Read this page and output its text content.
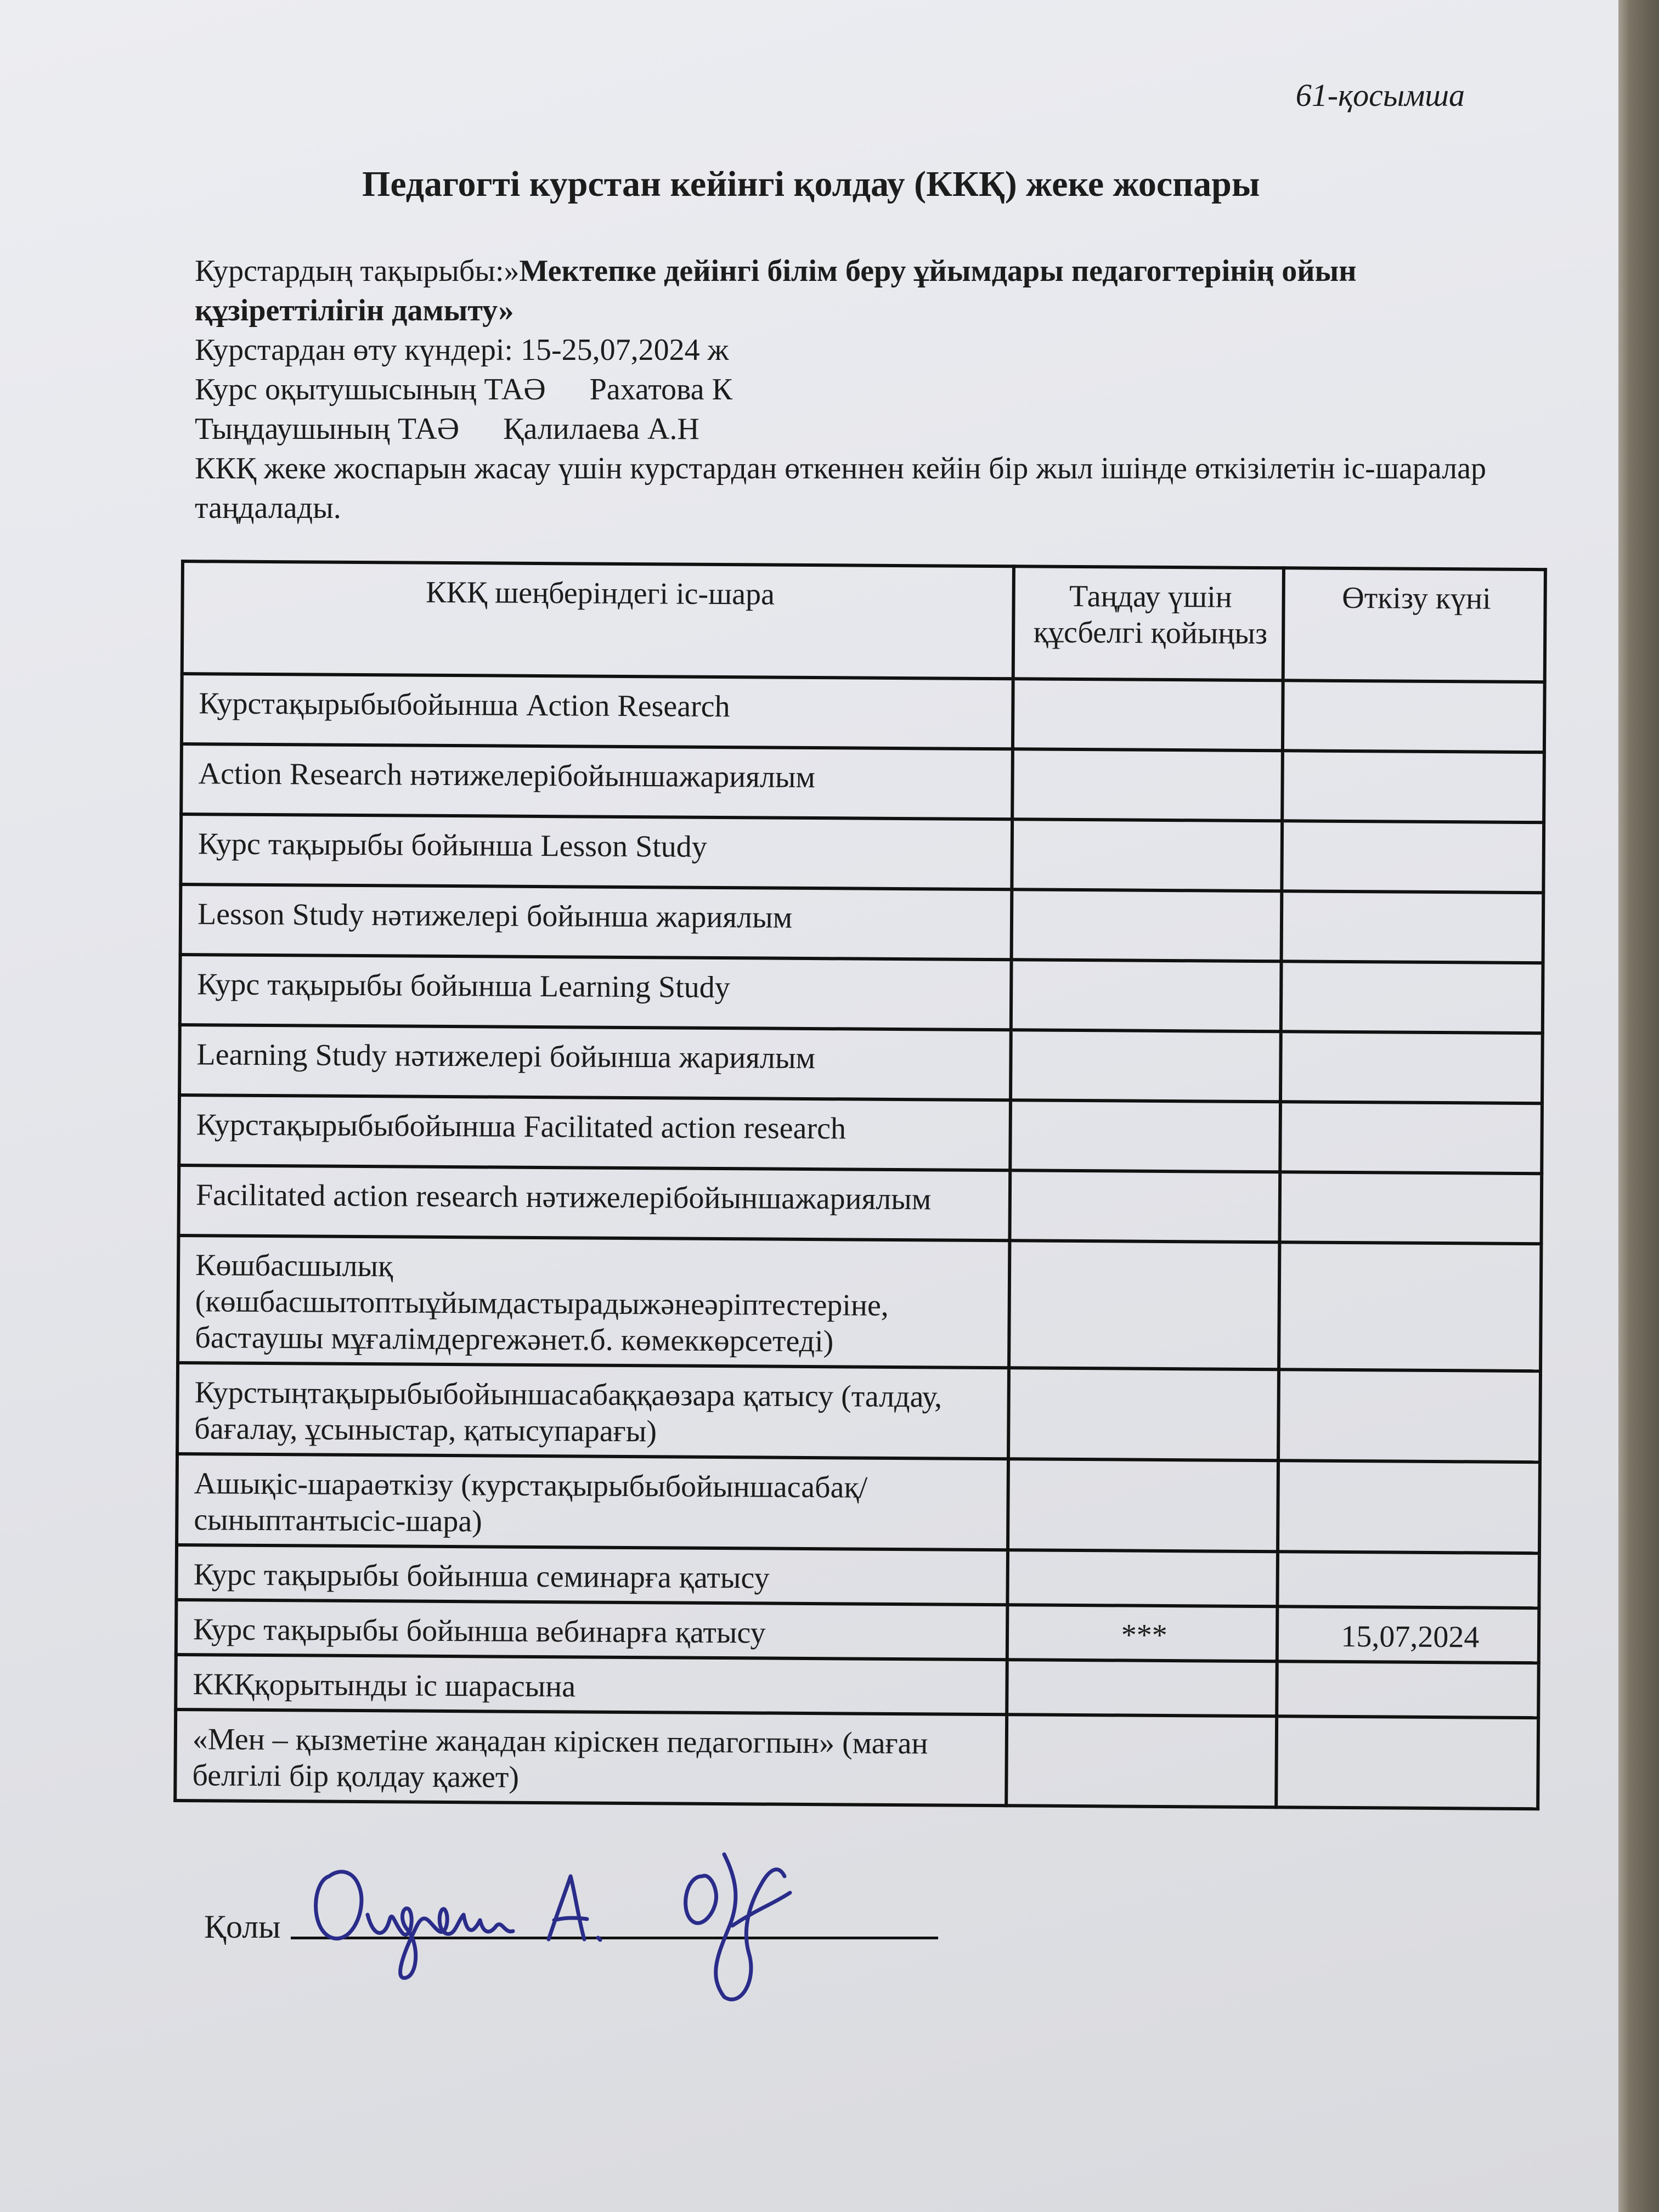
61-қосымша
Педагогті курстан кейінгі қолдау (ККҚ) жеке жоспары
Курстардың тақырыбы:»Мектепке дейінгі білім беру ұйымдары педагогтерінің ойын құзіреттілігін дамыту»
Курстардан өту күндері: 15-25,07,2024 ж
Курс оқытушысының ТАӘ Рахатова К
Тыңдаушының ТАӘ Қалилаева А.Н
ККҚ жеке жоспарын жасау үшін курстардан өткеннен кейін бір жыл ішінде өткізілетін іс-шаралар таңдалады.
ККҚ шеңберіндегі іс-шара	Таңдау үшін құсбелгі қойыңыз	Өткізу күні
Курстақырыбыбойынша Action Research		
Action Research нәтижелерібойыншажариялым		
Курс тақырыбы бойынша Lesson Study		
Lesson Study нәтижелері бойынша жариялым		
Курс тақырыбы бойынша Learning Study		
Learning Study нәтижелері бойынша жариялым		
Курстақырыбыбойынша Facilitated action research		
Facilitated action research нәтижелерібойыншажариялым		
Көшбасшылық (көшбасшытоптыұйымдастырадыжәнеәріптестеріне, бастаушы мұғалімдергежәнет.б. көмеккөрсетеді)		
Курстыңтақырыбыбойыншасабаққаөзара қатысу (талдау, бағалау, ұсыныстар, қатысупарағы)		
Ашықіс-шараөткізу (курстақырыбыбойыншасабақ/ сыныптантысіс-шара)		
Курс тақырыбы бойынша семинарға қатысу		
Курс тақырыбы бойынша вебинарға қатысу	***	15,07,2024
ККҚқорытынды іс шарасына		
«Мен – қызметіне жаңадан кіріскен педагогпын» (маған белгілі бір қолдау қажет)		
Қолы
